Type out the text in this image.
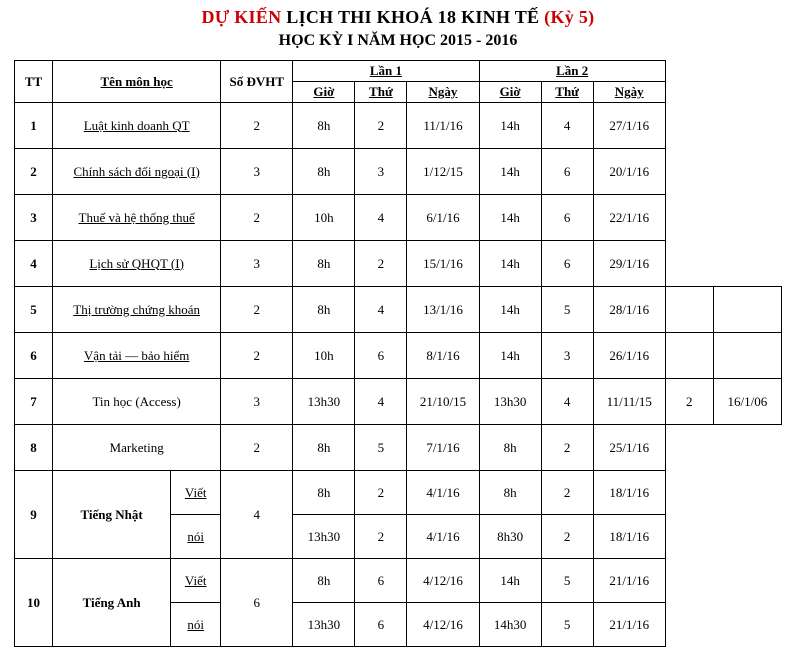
DỰ KIẾN LỊCH THI KHOÁ 18 KINH TẾ (Kỳ 5)
HỌC KỲ I NĂM HỌC 2015 - 2016
TT	Tên môn học		Số ĐVHT	Lần 1			Lần 2				
				Giờ	Thứ	Ngày	Giờ	Thứ	Ngày		
1	Luật kinh doanh QT		2	8h	2	11/1/16	14h	4	27/1/16		
2	Chính sách đối ngoại (I)		3	8h	3	1/12/15	14h	6	20/1/16		
3	Thuế và hệ thống thuế		2	10h	4	6/1/16	14h	6	22/1/16		
4	Lịch sử QHQT (I)		3	8h	2	15/1/16	14h	6	29/1/16		
5	Thị trường chứng khoán		2	8h	4	13/1/16	14h	5	28/1/16		
6	Vận tải — bảo hiểm		2	10h	6	8/1/16	14h	3	26/1/16		
7	Tin học (Access)		3	13h30	4	21/10/15	13h30	4	11/11/15	2	16/1/06
8	Marketing		2	8h	5	7/1/16	8h	2	25/1/16		
9	Tiếng Nhật	Viết	4	8h	2	4/1/16	8h	2	18/1/16		
		nói		13h30	2	4/1/16	8h30	2	18/1/16		
10	Tiếng Anh	Viết	6	8h	6	4/12/16	14h	5	21/1/16		
		nói		13h30	6	4/12/16	14h30	5	21/1/16		
